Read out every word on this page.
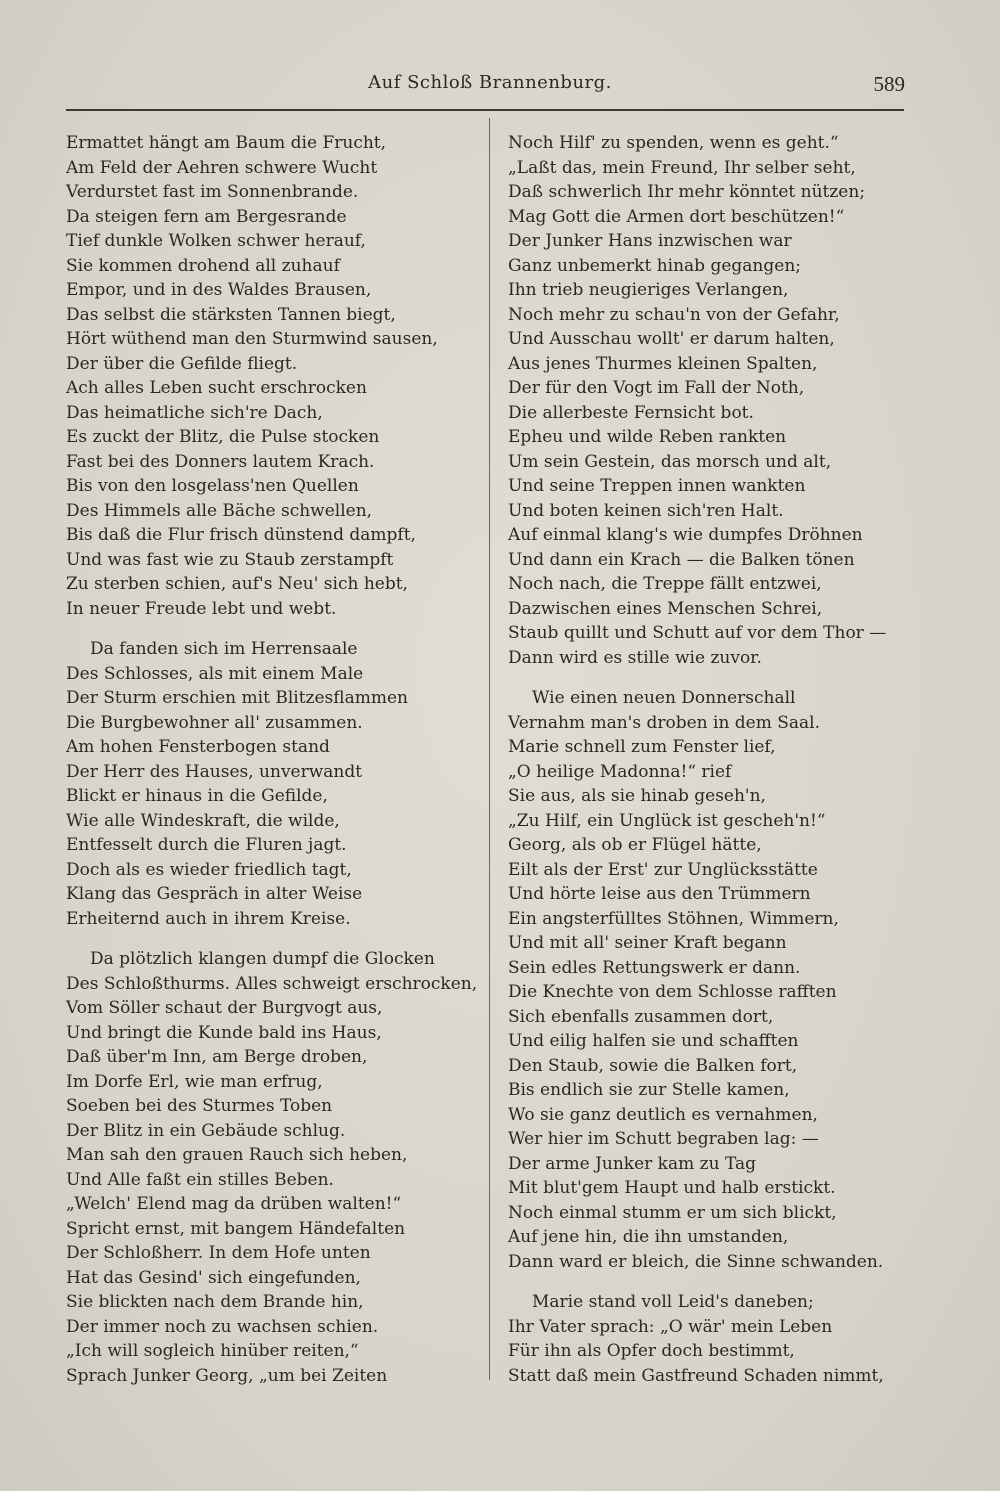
Auf Schloß Brannenburg.	589
Ermattet hängt am Baum die Frucht,
Am Feld der Aehren schwere Wucht
Verdurstet fast im Sonnenbrande.
Da steigen fern am Bergesrande
Tief dunkle Wolken schwer herauf,
Sie kommen drohend all zuhauf
Empor, und in des Waldes Brausen,
Das selbst die stärksten Tannen biegt,
Hört wüthend man den Sturmwind sausen,
Der über die Gefilde fliegt.
Ach alles Leben sucht erschrocken
Das heimatliche sich're Dach,
Es zuckt der Blitz, die Pulse stocken
Fast bei des Donners lautem Krach.
Bis von den losgelass'nen Quellen
Des Himmels alle Bäche schwellen,
Bis daß die Flur frisch dünstend dampft,
Und was fast wie zu Staub zerstampft
Zu sterben schien, auf's Neu' sich hebt,
In neuer Freude lebt und webt.
Da fanden sich im Herrensaale
Des Schlosses, als mit einem Male
Der Sturm erschien mit Blitzesflammen
Die Burgbewohner all' zusammen.
Am hohen Fensterbogen stand
Der Herr des Hauses, unverwandt
Blickt er hinaus in die Gefilde,
Wie alle Windeskraft, die wilde,
Entfesselt durch die Fluren jagt.
Doch als es wieder friedlich tagt,
Klang das Gespräch in alter Weise
Erheiternd auch in ihrem Kreise.
Da plötzlich klangen dumpf die Glocken
Des Schloßthurms. Alles schweigt erschrocken,
Vom Söller schaut der Burgvogt aus,
Und bringt die Kunde bald ins Haus,
Daß über'm Inn, am Berge droben,
Im Dorfe Erl, wie man erfrug,
Soeben bei des Sturmes Toben
Der Blitz in ein Gebäude schlug.
Man sah den grauen Rauch sich heben,
Und Alle faßt ein stilles Beben.
„Welch' Elend mag da drüben walten!“
Spricht ernst, mit bangem Händefalten
Der Schloßherr. In dem Hofe unten
Hat das Gesind' sich eingefunden,
Sie blickten nach dem Brande hin,
Der immer noch zu wachsen schien.
„Ich will sogleich hinüber reiten,“
Sprach Junker Georg, „um bei Zeiten
Noch Hilf' zu spenden, wenn es geht.“
„Laßt das, mein Freund, Ihr selber seht,
Daß schwerlich Ihr mehr könntet nützen;
Mag Gott die Armen dort beschützen!“
Der Junker Hans inzwischen war
Ganz unbemerkt hinab gegangen;
Ihn trieb neugieriges Verlangen,
Noch mehr zu schau'n von der Gefahr,
Und Ausschau wollt' er darum halten,
Aus jenes Thurmes kleinen Spalten,
Der für den Vogt im Fall der Noth,
Die allerbeste Fernsicht bot.
Epheu und wilde Reben rankten
Um sein Gestein, das morsch und alt,
Und seine Treppen innen wankten
Und boten keinen sich'ren Halt.
Auf einmal klang's wie dumpfes Dröhnen
Und dann ein Krach — die Balken tönen
Noch nach, die Treppe fällt entzwei,
Dazwischen eines Menschen Schrei,
Staub quillt und Schutt auf vor dem Thor —
Dann wird es stille wie zuvor.
Wie einen neuen Donnerschall
Vernahm man's droben in dem Saal.
Marie schnell zum Fenster lief,
„O heilige Madonna!“ rief
Sie aus, als sie hinab geseh'n,
„Zu Hilf, ein Unglück ist gescheh'n!“
Georg, als ob er Flügel hätte,
Eilt als der Erst' zur Unglücksstätte
Und hörte leise aus den Trümmern
Ein angsterfülltes Stöhnen, Wimmern,
Und mit all' seiner Kraft begann
Sein edles Rettungswerk er dann.
Die Knechte von dem Schlosse rafften
Sich ebenfalls zusammen dort,
Und eilig halfen sie und schafften
Den Staub, sowie die Balken fort,
Bis endlich sie zur Stelle kamen,
Wo sie ganz deutlich es vernahmen,
Wer hier im Schutt begraben lag: —
Der arme Junker kam zu Tag
Mit blut'gem Haupt und halb erstickt.
Noch einmal stumm er um sich blickt,
Auf jene hin, die ihn umstanden,
Dann ward er bleich, die Sinne schwanden.
Marie stand voll Leid's daneben;
Ihr Vater sprach: „O wär' mein Leben
Für ihn als Opfer doch bestimmt,
Statt daß mein Gastfreund Schaden nimmt,
